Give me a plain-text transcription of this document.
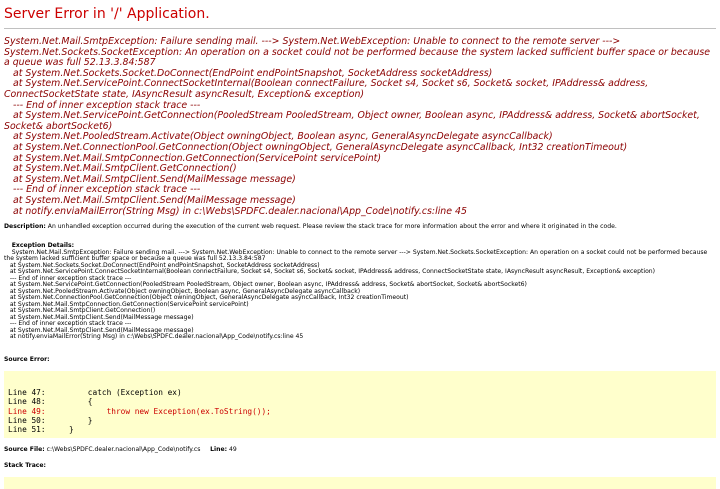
Server Error in '/' Application.
System.Net.Mail.SmtpException: Failure sending mail. ---> System.Net.WebException: Unable to connect to the remote server ---> System.Net.Sockets.SocketException: An operation on a socket could not be performed because the system lacked sufficient buffer space or because a queue was full 52.13.3.84:587
at System.Net.Sockets.Socket.DoConnect(EndPoint endPointSnapshot, SocketAddress socketAddress)
at System.Net.ServicePoint.ConnectSocketInternal(Boolean connectFailure, Socket s4, Socket s6, Socket& socket, IPAddress& address, ConnectSocketState state, IAsyncResult asyncResult, Exception& exception)
--- End of inner exception stack trace ---
at System.Net.ServicePoint.GetConnection(PooledStream PooledStream, Object owner, Boolean async, IPAddress& address, Socket& abortSocket, Socket& abortSocket6)
at System.Net.PooledStream.Activate(Object owningObject, Boolean async, GeneralAsyncDelegate asyncCallback)
at System.Net.ConnectionPool.GetConnection(Object owningObject, GeneralAsyncDelegate asyncCallback, Int32 creationTimeout)
at System.Net.Mail.SmtpConnection.GetConnection(ServicePoint servicePoint)
at System.Net.Mail.SmtpClient.GetConnection()
at System.Net.Mail.SmtpClient.Send(MailMessage message)
--- End of inner exception stack trace ---
at System.Net.Mail.SmtpClient.Send(MailMessage message)
at notify.enviaMailError(String Msg) in c:\Webs\SPDFC.dealer.nacional\App_Code\notify.cs:line 45
Description: An unhandled exception occurred during the execution of the current web request. Please review the stack trace for more information about the error and where it originated in the code.

Exception Details:
System.Net.Mail.SmtpException: Failure sending mail. ---> System.Net.WebException: Unable to connect to the remote server ---> System.Net.Sockets.SocketException: An operation on a socket could not be performed because the system lacked sufficient buffer space or because a queue was full 52.13.3.84:587
at System.Net.Sockets.Socket.DoConnect(EndPoint endPointSnapshot, SocketAddress socketAddress)
at System.Net.ServicePoint.ConnectSocketInternal(Boolean connectFailure, Socket s4, Socket s6, Socket& socket, IPAddress& address, ConnectSocketState state, IAsyncResult asyncResult, Exception& exception)
--- End of inner exception stack trace ---
at System.Net.ServicePoint.GetConnection(PooledStream PooledStream, Object owner, Boolean async, IPAddress& address, Socket& abortSocket, Socket& abortSocket6)
at System.Net.PooledStream.Activate(Object owningObject, Boolean async, GeneralAsyncDelegate asyncCallback)
at System.Net.ConnectionPool.GetConnection(Object owningObject, GeneralAsyncDelegate asyncCallback, Int32 creationTimeout)
at System.Net.Mail.SmtpConnection.GetConnection(ServicePoint servicePoint)
at System.Net.Mail.SmtpClient.GetConnection()
at System.Net.Mail.SmtpClient.Send(MailMessage message)
--- End of inner exception stack trace ---
at System.Net.Mail.SmtpClient.Send(MailMessage message)
at notify.enviaMailError(String Msg) in c:\Webs\SPDFC.dealer.nacional\App_Code\notify.cs:line 45

Source Error:
Line 47:         catch (Exception ex)
Line 48:         {
Line 49:             throw new Exception(ex.ToString());
Line 50:         }
Line 51:     }
Source File: c:\Webs\SPDFC.dealer.nacional\App_Code\notify.cs Line: 49
Stack Trace:
